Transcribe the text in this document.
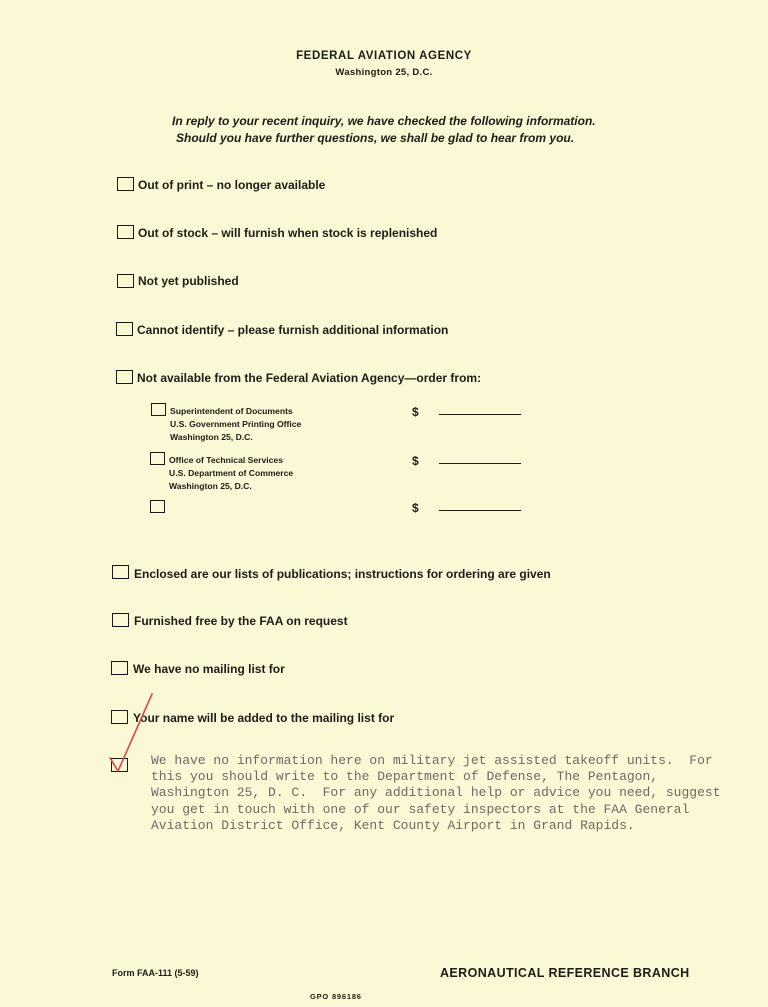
FEDERAL AVIATION AGENCY
Washington 25, D.C.
In reply to your recent inquiry, we have checked the following information.
Should you have further questions, we shall be glad to hear from you.
Out of print – no longer available
Out of stock – will furnish when stock is replenished
Not yet published
Cannot identify – please furnish additional information
Not available from the Federal Aviation Agency—order from:
Superintendent of Documents
U.S. Government Printing Office
Washington 25, D.C.
$
Office of Technical Services
U.S. Department of Commerce
Washington 25, D.C.
$
$
Enclosed are our lists of publications; instructions for ordering are given
Furnished free by the FAA on request
We have no mailing list for
Your name will be added to the mailing list for
We have no information here on military jet assisted takeoff units.  For
this you should write to the Department of Defense, The Pentagon,
Washington 25, D. C.  For any additional help or advice you need, suggest
you get in touch with one of our safety inspectors at the FAA General
Aviation District Office, Kent County Airport in Grand Rapids.
Form FAA-111 (5-59)	AERONAUTICAL REFERENCE BRANCH
GPO 896186
